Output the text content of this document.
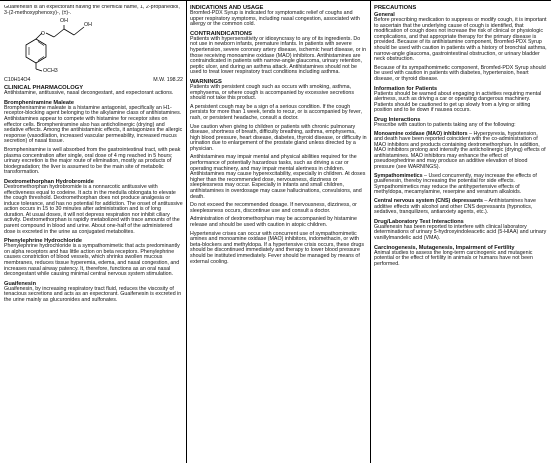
Guaifenesin is an expectorant having the chemical name, 1, 2-propanediol, 3-(2-methoxyphenoxy)-, (±)-.
O
OH
OH
OCH3
C10H14O4	M.W. 198.22
CLINICAL PHARMACOLOGY
Antihistamine, antitussive, nasal decongestant, and expectorant actions.
Brompheniramine Maleate
Brompheniramine maleate is a histamine antagonist, specifically an H1-receptor-blocking agent belonging to the alkylamine class of antihistamines. Antihistamines appear to compete with histamine for receptor sites on effector cells. Brompheniramine also has anticholinergic (drying) and sedative effects. Among the antihistaminic effects, it antagonizes the allergic response (vasodilation, increased vascular permeability, increased mucus secretion) of nasal tissue.
Brompheniramine is well absorbed from the gastrointestinal tract, with peak plasma concentration after single, oral dose of 4 mg reached in 5 hours; urinary excretion is the major route of elimination, mostly as products of biodegradation; the liver is assumed to be the main site of metabolic transformation.
Dextromethorphan Hydrobromide
Dextromethorphan hydrobromide is a nonnarcotic antitussive with effectiveness equal to codeine. It acts in the medulla oblongata to elevate the cough threshold. Dextromethorphan does not produce analgesia or induce tolerance, and has no potential for addiction. The onset of antitussive action occurs in 15 to 30 minutes after administration and is of long duration. At usual doses, it will not depress respiration nor inhibit ciliary activity. Dextromethorphan is rapidly metabolized with trace amounts of the parent compound in blood and urine. About one-half of the administered dose is excreted in the urine as conjugated metabolites.
Phenylephrine Hydrochloride
Phenylephrine hydrochloride is a sympathomimetic that acts predominantly on alpha receptors and has little action on beta receptors. Phenylephrine causes constriction of blood vessels, which shrinks swollen mucous membranes, reduces tissue hyperemia, edema, and nasal congestion, and increases nasal airway patency. It, therefore, functions as an oral nasal decongestant while causing minimal central nervous system stimulation.
Guaifenesin
Guaifenesin, by increasing respiratory tract fluid, reduces the viscosity of tenacious secretions and acts as an expectorant. Guaifenesin is excreted in the urine mainly as glucuronides and sulfonates.
INDICATIONS AND USAGE
Bromfed-PDX Syrup is indicated for symptomatic relief of coughs and upper respiratory symptoms, including nasal congestion, associated with allergy or the common cold.
CONTRAINDICATIONS
Patients with hypersensitivity or idiosyncrasy to any of its ingredients. Do not use in newborn infants, premature infants. In patients with severe hypertension, severe coronary artery disease, ischemic heart disease, or in those receiving monoamine oxidase (MAO) inhibitors. Antihistamines are contraindicated in patients with narrow-angle glaucoma, urinary retention, peptic ulcer, and during an asthma attack. Antihistamines should not be used to treat lower respiratory tract conditions including asthma.
WARNINGS
Patients with persistent cough such as occurs with smoking, asthma, emphysema, or where cough is accompanied by excessive secretions should not take this product.
A persistent cough may be a sign of a serious condition. If the cough persists for more than 1 week, tends to recur, or is accompanied by fever, rash, or persistent headache, consult a doctor.
Use caution when giving to children or patients with chronic pulmonary disease, shortness of breath, difficulty breathing, asthma, emphysema, high blood pressure, heart disease, diabetes, thyroid disease, or difficulty in urination due to enlargement of the prostate gland unless directed by a physician.
Antihistamines may impair mental and physical abilities required for the performance of potentially hazardous tasks, such as driving a car or operating machinery, and may impair mental alertness in children. Antihistamines may cause hyperexcitability, especially in children. At doses higher than the recommended dose, nervousness, dizziness or sleeplessness may occur. Especially in infants and small children, antihistamines in overdosage may cause hallucinations, convulsions, and death.
Do not exceed the recommended dosage. If nervousness, dizziness, or sleeplessness occurs, discontinue use and consult a doctor.
Administration of dextromethorphan may be accompanied by histamine release and should be used with caution in atopic children.
Hypertensive crises can occur with concurrent use of sympathomimetic amines and monoamine oxidase (MAO) inhibitors, indomethacin, or with beta-blockers and methyldopa. If a hypertensive crisis occurs, these drugs should be discontinued immediately and therapy to lower blood pressure should be instituted immediately. Fever should be managed by means of external cooling.
PRECAUTIONS
General
Before prescribing medication to suppress or modify cough, it is important to ascertain that the underlying cause of cough is identified, that modification of cough does not increase the risk of clinical or physiologic complications, and that appropriate therapy for the primary disease is provided. Because of its antihistamine component, Bromfed-PDX Syrup should be used with caution in patients with a history of bronchial asthma, narrow-angle glaucoma, gastrointestinal obstruction, or urinary bladder neck obstruction.
Because of its sympathomimetic component, Bromfed-PDX Syrup should be used with caution in patients with diabetes, hypertension, heart disease, or thyroid disease.
Information for Patients
Patients should be warned about engaging in activities requiring mental alertness, such as driving a car or operating dangerous machinery. Patients should be cautioned to get up slowly from a lying or sitting position and to lie down if nausea occurs.
Drug Interactions
Prescribe with caution to patients taking any of the following:
Monoamine oxidase (MAO) inhibitors – Hyperpyrexia, hypotension, and death have been reported coincident with the co-administration of MAO inhibitors and products containing dextromethorphan. In addition, MAO inhibitors prolong and intensify the anticholinergic (drying) effects of antihistamines. MAO inhibitors may enhance the effect of pseudoephedrine and may produce an additive elevation of blood pressure (see WARNINGS).
Sympathomimetics – Used concurrently, may increase the effects of guaifenesin, thereby increasing the potential for side effects. Sympathomimetics may reduce the antihypertensive effects of methyldopa, mecamylamine, reserpine and veratrum alkaloids.
Central nervous system (CNS) depressants – Antihistamines have additive effects with alcohol and other CNS depressants (hypnotics, sedatives, tranquilizers, antianxiety agents, etc.).
Drug/Laboratory Test Interactions
Guaifenesin has been reported to interfere with clinical laboratory determinations of urinary 5-hydroxyindoleacetic acid (5-HIAA) and urinary vanillylmandelic acid (VMA).
Carcinogenesis, Mutagenesis, Impairment of Fertility
Animal studies to assess the long-term carcinogenic and mutagenic potential or the effect of fertility in animals or humans have not been performed.
